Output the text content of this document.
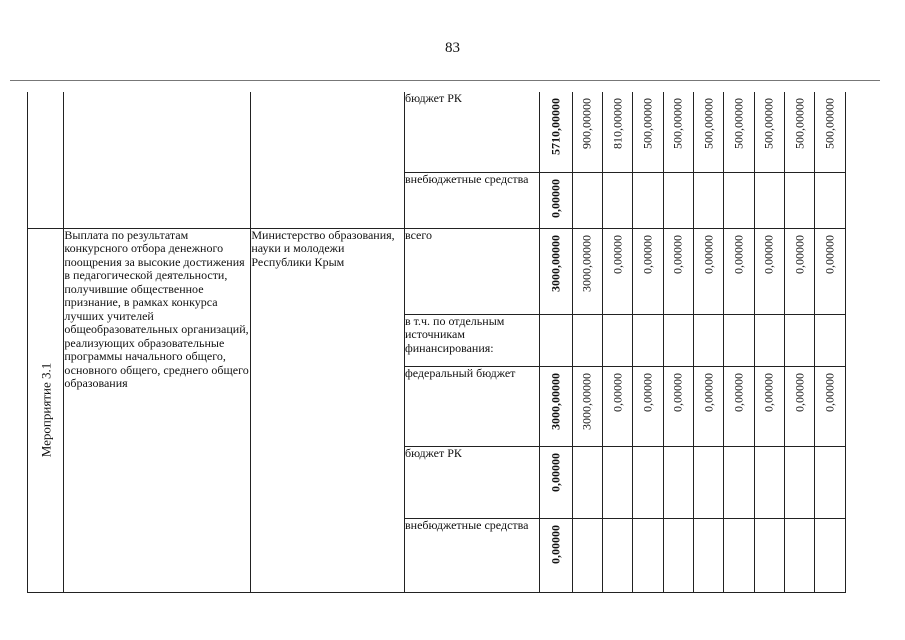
83

			бюджет РК	5710,00000	900,00000	810,00000	500,00000	500,00000	500,00000	500,00000	500,00000	500,00000	500,00000

			внебюджетные средства	0,00000									

Мероприятие 3.1	Выплата по результатам конкурсного отбора денежного поощрения за высокие достижения в педагогической деятельности, получившие общественное признание, в рамках конкурса лучших учителей общеобразовательных организаций, реализующих образовательные программы начального общего, основного общего, среднего общего образования	Министерство образования, науки и молодежи Республики Крым	всего	3000,00000	3000,00000	0,00000	0,00000	0,00000	0,00000	0,00000	0,00000	0,00000	0,00000

			в т.ч. по отдельным источникам финансирования:										

			федеральный бюджет	3000,00000	3000,00000	0,00000	0,00000	0,00000	0,00000	0,00000	0,00000	0,00000	0,00000

			бюджет РК	0,00000									

			внебюджетные средства	0,00000									
